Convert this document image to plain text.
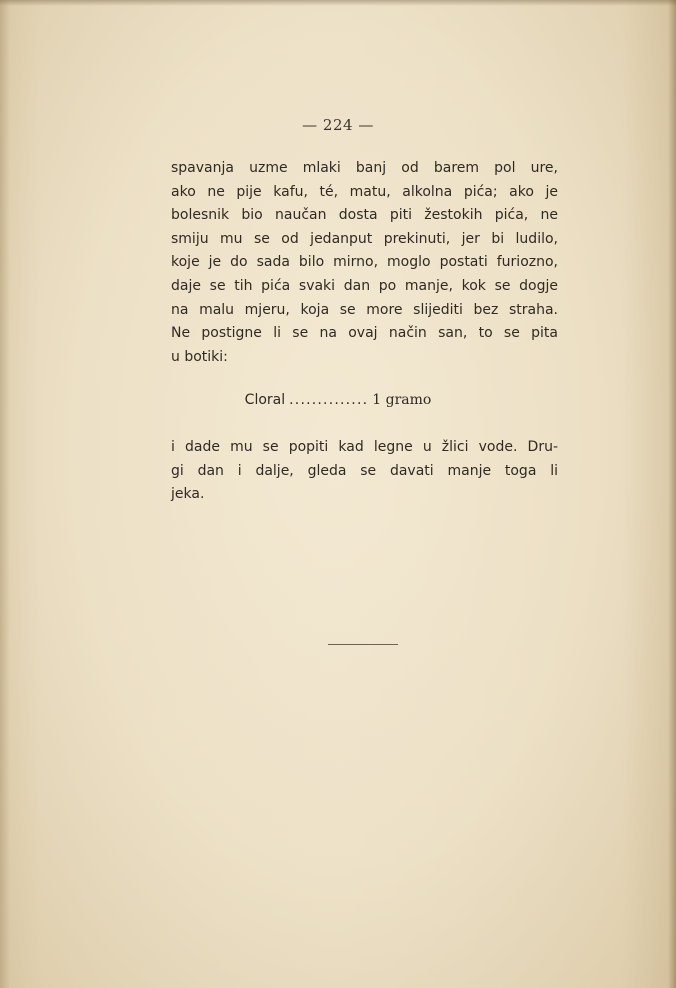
— 224 —
spavanja uzme mlaki banj od barem pol ure,
ako ne pije kafu, té, matu, alkolna pića; ako je
bolesnik bio naučan dosta piti žestokih pića, ne
smiju mu se od jedanput prekinuti, jer bi ludilo,
koje je do sada bilo mirno, moglo postati furiozno,
daje se tih pića svaki dan po manje, kok se dogje
na malu mjeru, koja se more slijediti bez straha.
Ne postigne li se na ovaj način san, to se pita
u botiki:
Cloral .............. 1 gramo
i dade mu se popiti kad legne u žlici vode. Dru-
gi dan i dalje, gleda se davati manje toga li
jeka.
